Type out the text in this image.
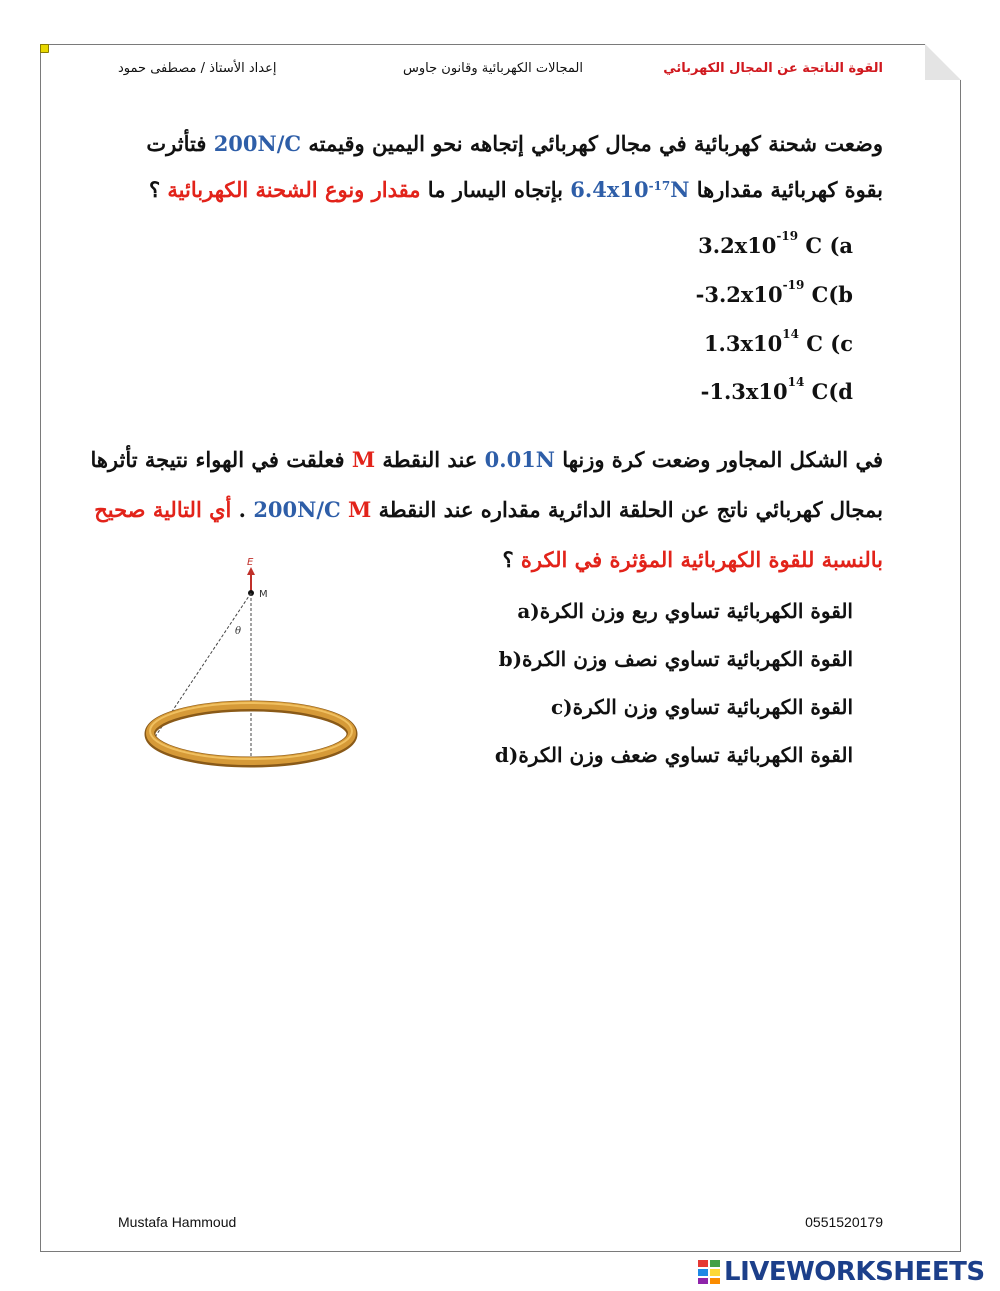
القوة الناتجة عن المجال الكهربائي
المجالات الكهربائية وقانون جاوس
إعداد الأستاذ / مصطفى حمود
وضعت شحنة كهربائية في مجال كهربائي إتجاهه نحو اليمين وقيمته 200N/C فتأثرت بقوة كهربائية مقدارها $6.4x10^{-17}N$ بإتجاه اليسار ما مقدار ونوع الشحنة الكهربائية ؟
$3.2x10^{-19}$ C (a
$-3.2x10^{-19}$ C(b
$1.3x10^{14}$ C (c
$-1.3x10^{14}$ C(d
في الشكل المجاور وضعت كرة وزنها 0.01N عند النقطة M فعلقت في الهواء نتيجة تأثرها بمجال كهربائي ناتج عن الحلقة الدائرية مقداره عند النقطة M 200N/C . أي التالية صحيح بالنسبة للقوة الكهربائية المؤثرة في الكرة ؟
E
M
θ
القوة الكهربائية تساوي ربع وزن الكرة(a
القوة الكهربائية تساوي نصف وزن الكرة(b
القوة الكهربائية تساوي وزن الكرة(c
القوة الكهربائية تساوي ضعف وزن الكرة(d
Mustafa Hammoud	0551520179
LIVEWORKSHEETS
